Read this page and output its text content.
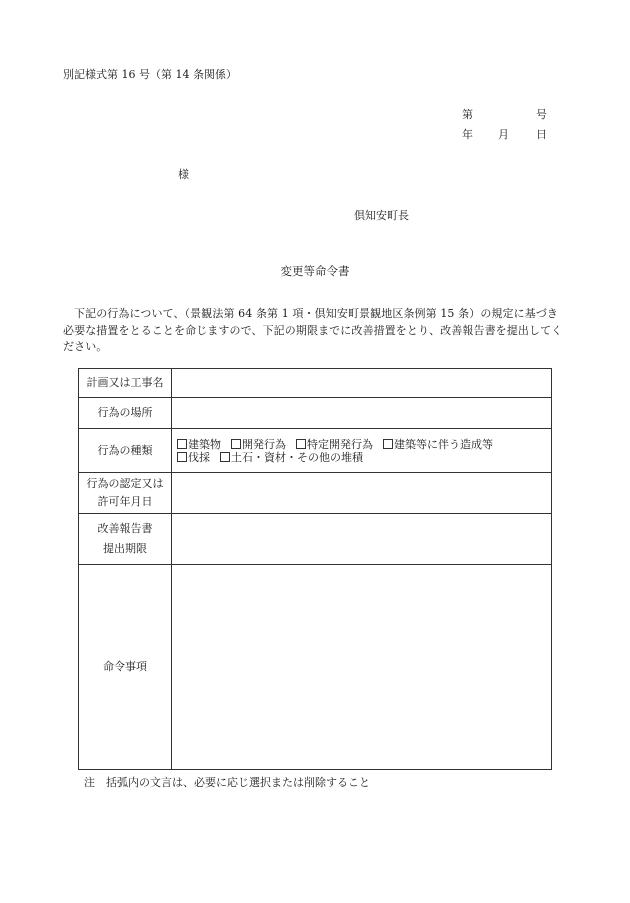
別記様式第 16 号（第 14 条関係）
第	号
年 月 日
様
倶知安町長
変更等命令書
下記の行為について、（景観法第 64 条第 1 項・倶知安町景観地区条例第 15 条）の規定に基づき必要な措置をとることを命じますので、下記の期限までに改善措置をとり、改善報告書を提出してください。
計画又は工事名	
行為の場所	
行為の種類	建築物 開発行為 特定開発行為 建築等に伴う造成等
伐採 土石・資材・その他の堆積

行為の認定又は
許可年月日	

改善報告書
提出期限	

命令事項	
注　括弧内の文言は、必要に応じ選択または削除すること
